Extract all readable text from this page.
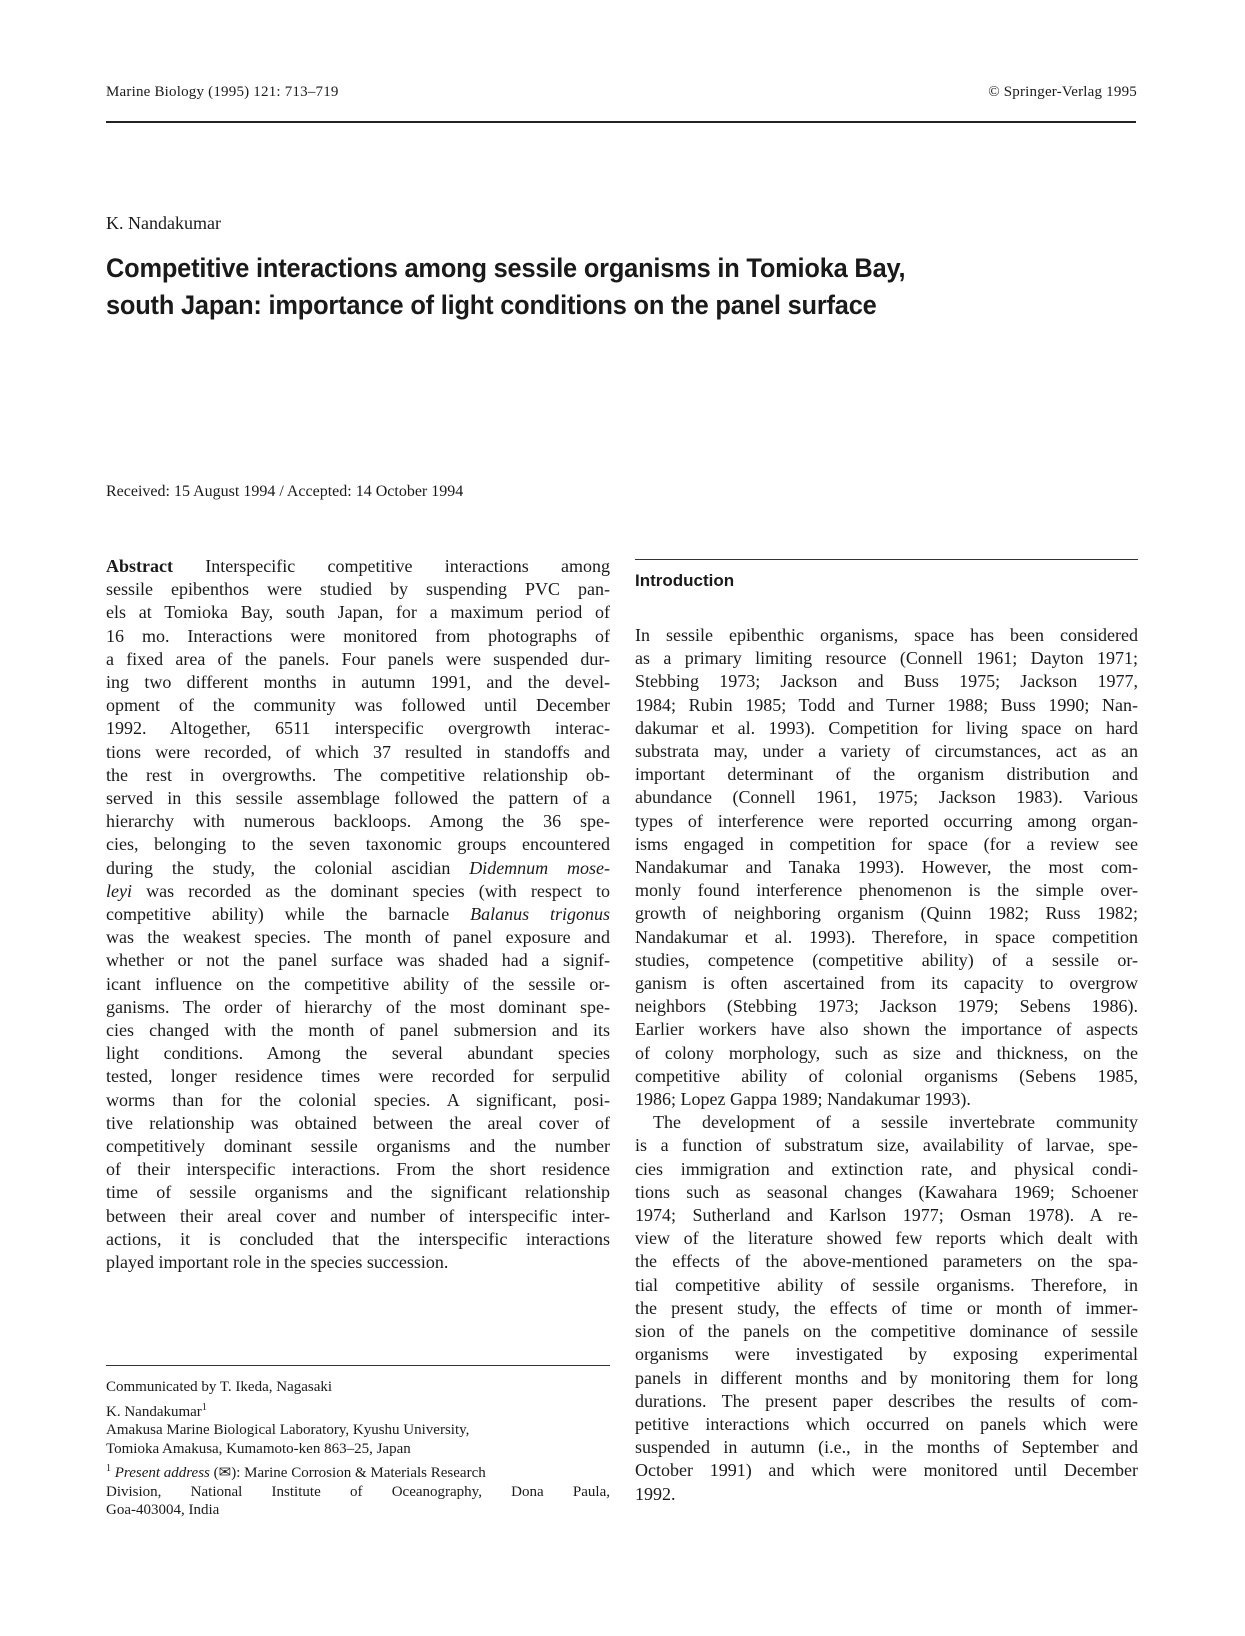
Marine Biology (1995) 121: 713–719	© Springer-Verlag 1995
K. Nandakumar
Competitive interactions among sessile organisms in Tomioka Bay,
south Japan: importance of light conditions on the panel surface
Received: 15 August 1994 / Accepted: 14 October 1994
Abstract Interspecific competitive interactions among
sessile epibenthos were studied by suspending PVC pan-
els at Tomioka Bay, south Japan, for a maximum period of
16 mo. Interactions were monitored from photographs of
a fixed area of the panels. Four panels were suspended dur-
ing two different months in autumn 1991, and the devel-
opment of the community was followed until December
1992. Altogether, 6511 interspecific overgrowth interac-
tions were recorded, of which 37 resulted in standoffs and
the rest in overgrowths. The competitive relationship ob-
served in this sessile assemblage followed the pattern of a
hierarchy with numerous backloops. Among the 36 spe-
cies, belonging to the seven taxonomic groups encountered
during the study, the colonial ascidian Didemnum mose-
leyi was recorded as the dominant species (with respect to
competitive ability) while the barnacle Balanus trigonus
was the weakest species. The month of panel exposure and
whether or not the panel surface was shaded had a signif-
icant influence on the competitive ability of the sessile or-
ganisms. The order of hierarchy of the most dominant spe-
cies changed with the month of panel submersion and its
light conditions. Among the several abundant species
tested, longer residence times were recorded for serpulid
worms than for the colonial species. A significant, posi-
tive relationship was obtained between the areal cover of
competitively dominant sessile organisms and the number
of their interspecific interactions. From the short residence
time of sessile organisms and the significant relationship
between their areal cover and number of interspecific inter-
actions, it is concluded that the interspecific interactions
played important role in the species succession.

Communicated by T. Ikeda, Nagasaki

K. Nandakumar$^1$
Amakusa Marine Biological Laboratory, Kyushu University,
Tomioka Amakusa, Kumamoto-ken 863–25, Japan

$^1$ Present address (✉): Marine Corrosion & Materials Research

Division, National Institute of Oceanography, Dona Paula,
Goa-403004, India

Introduction
In sessile epibenthic organisms, space has been considered
as a primary limiting resource (Connell 1961; Dayton 1971;
Stebbing 1973; Jackson and Buss 1975; Jackson 1977,
1984; Rubin 1985; Todd and Turner 1988; Buss 1990; Nan-
dakumar et al. 1993). Competition for living space on hard
substrata may, under a variety of circumstances, act as an
important determinant of the organism distribution and
abundance (Connell 1961, 1975; Jackson 1983). Various
types of interference were reported occurring among organ-
isms engaged in competition for space (for a review see
Nandakumar and Tanaka 1993). However, the most com-
monly found interference phenomenon is the simple over-
growth of neighboring organism (Quinn 1982; Russ 1982;
Nandakumar et al. 1993). Therefore, in space competition
studies, competence (competitive ability) of a sessile or-
ganism is often ascertained from its capacity to overgrow
neighbors (Stebbing 1973; Jackson 1979; Sebens 1986).
Earlier workers have also shown the importance of aspects
of colony morphology, such as size and thickness, on the
competitive ability of colonial organisms (Sebens 1985,
1986; Lopez Gappa 1989; Nandakumar 1993).
The development of a sessile invertebrate community
is a function of substratum size, availability of larvae, spe-
cies immigration and extinction rate, and physical condi-
tions such as seasonal changes (Kawahara 1969; Schoener
1974; Sutherland and Karlson 1977; Osman 1978). A re-
view of the literature showed few reports which dealt with
the effects of the above-mentioned parameters on the spa-
tial competitive ability of sessile organisms. Therefore, in
the present study, the effects of time or month of immer-
sion of the panels on the competitive dominance of sessile
organisms were investigated by exposing experimental
panels in different months and by monitoring them for long
durations. The present paper describes the results of com-
petitive interactions which occurred on panels which were
suspended in autumn (i.e., in the months of September and
October 1991) and which were monitored until December
1992.
